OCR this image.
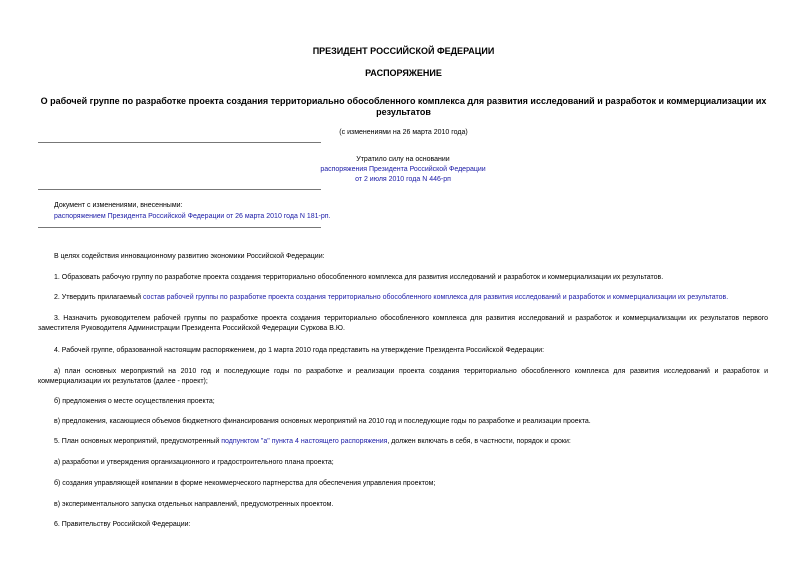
ПРЕЗИДЕНТ РОССИЙСКОЙ ФЕДЕРАЦИИ
РАСПОРЯЖЕНИЕ
О рабочей группе по разработке проекта создания территориально обособленного комплекса для развития исследований и разработок и коммерциализации их результатов
(с изменениями на 26 марта 2010 года)
Утратило силу на основании
распоряжения Президента Российской Федерации
от 2 июля 2010 года N 446-рп
Документ с изменениями, внесенными:
распоряжением Президента Российской Федерации от 26 марта 2010 года N 181-рп.
В целях содействия инновационному развитию экономики Российской Федерации:
1. Образовать рабочую группу по разработке проекта создания территориально обособленного комплекса для развития исследований и разработок и коммерциализации их результатов.
2. Утвердить прилагаемый состав рабочей группы по разработке проекта создания территориально обособленного комплекса для развития исследований и разработок и коммерциализации их результатов.
3. Назначить руководителем рабочей группы по разработке проекта создания территориально обособленного комплекса для развития исследований и разработок и коммерциализации их результатов первого заместителя Руководителя Администрации Президента Российской Федерации Суркова В.Ю.
4. Рабочей группе, образованной настоящим распоряжением, до 1 марта 2010 года представить на утверждение Президента Российской Федерации:
а) план основных мероприятий на 2010 год и последующие годы по разработке и реализации проекта создания территориально обособленного комплекса для развития исследований и разработок и коммерциализации их результатов (далее - проект);
б) предложения о месте осуществления проекта;
в) предложения, касающиеся объемов бюджетного финансирования основных мероприятий на 2010 год и последующие годы по разработке и реализации проекта.
5. План основных мероприятий, предусмотренный подпунктом "а" пункта 4 настоящего распоряжения, должен включать в себя, в частности, порядок и сроки:
а) разработки и утверждения организационного и градостроительного плана проекта;
б) создания управляющей компании в форме некоммерческого партнерства для обеспечения управления проектом;
в) экспериментального запуска отдельных направлений, предусмотренных проектом.
6. Правительству Российской Федерации:
